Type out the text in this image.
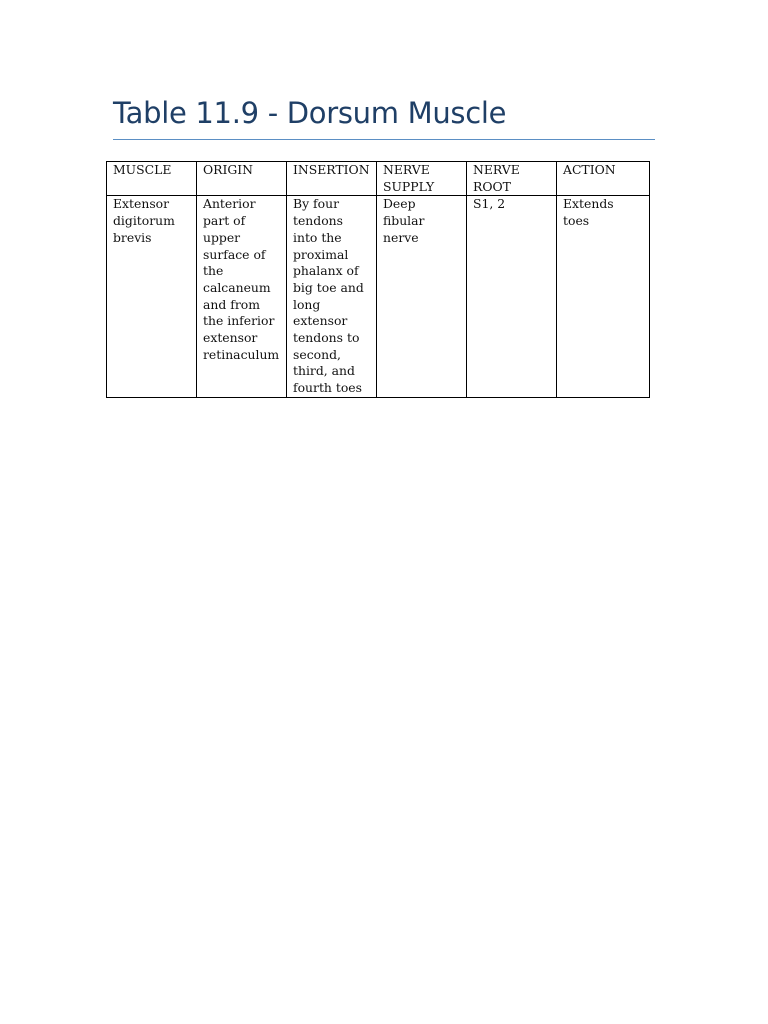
Table 11.9 - Dorsum Muscle
MUSCLE	ORIGIN	INSERTION	NERVE SUPPLY	NERVE ROOT	ACTION

Extensor digitorum brevis	Anterior part of upper surface of the calcaneum and from the inferior extensor retinaculum	By four tendons into the proximal phalanx of big toe and long extensor tendons to second, third, and fourth toes	Deep fibular nerve	S1, 2	Extends toes
